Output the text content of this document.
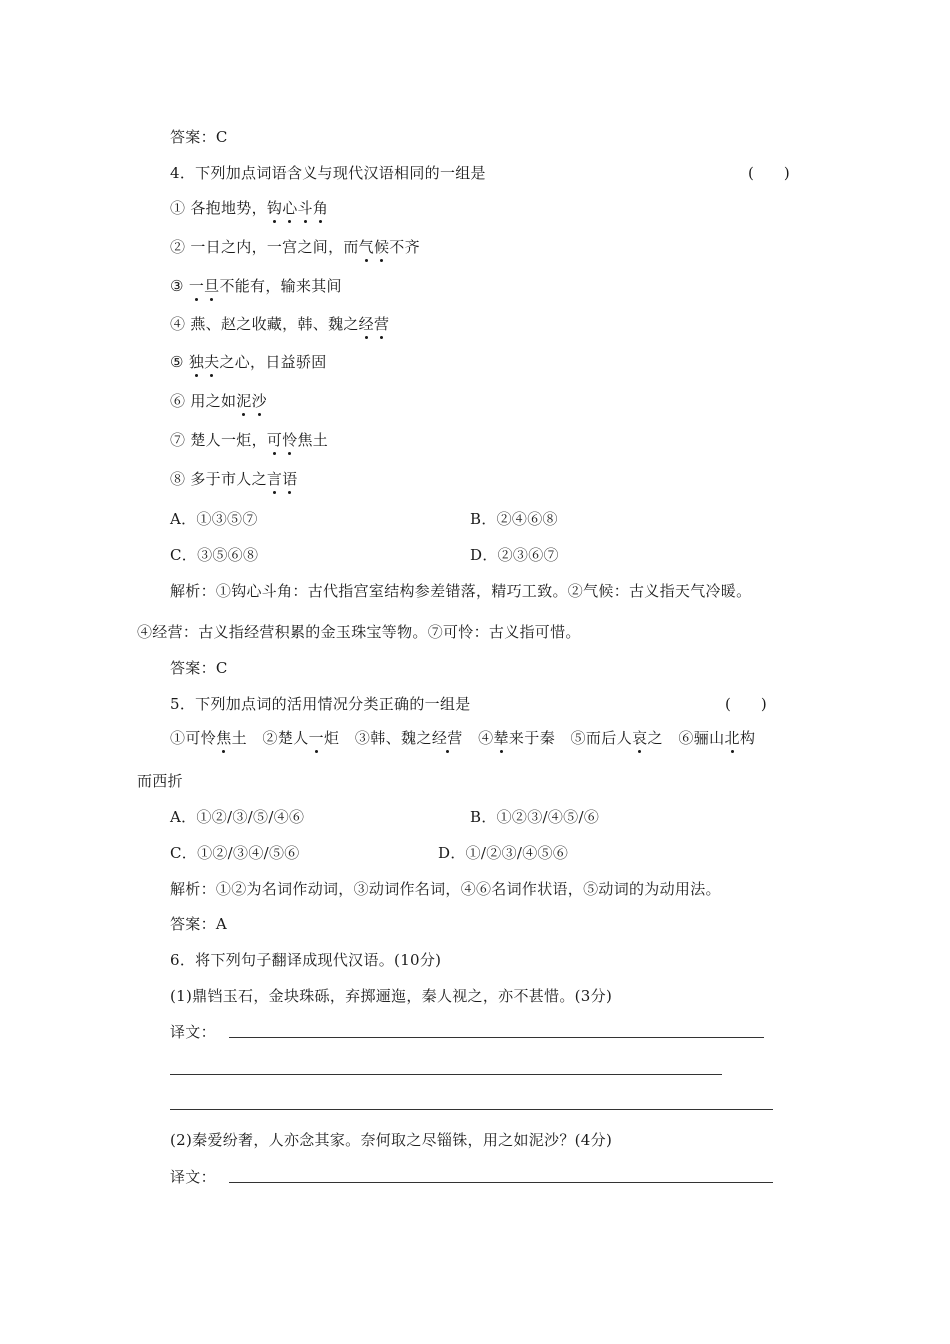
答案：C
4．下列加点词语含义与现代汉语相同的一组是	(　　)
① 各抱地势，钩心斗角
② 一日之内，一宫之间，而气候不齐
③ 一旦不能有，输来其间
④ 燕、赵之收藏，韩、魏之经营
⑤ 独夫之心，日益骄固
⑥ 用之如泥沙
⑦ 楚人一炬，可怜焦土
⑧ 多于市人之言语
A．①③⑤⑦	B．②④⑥⑧
C．③⑤⑥⑧	D．②③⑥⑦
解析：①钩心斗角：古代指宫室结构参差错落，精巧工致。②气候：古义指天气冷暖。
④经营：古义指经营积累的金玉珠宝等物。⑦可怜：古义指可惜。
答案：C
5．下列加点词的活用情况分类正确的一组是	(　　)
①可怜焦土　②楚人一炬　③韩、魏之经营　 ④辇来于秦　⑤而后人哀之　⑥骊山北构
而西折
A．①②/③/⑤/④⑥	B．①②③/④⑤/⑥
C．①②/③④/⑤⑥	D．①/②③/④⑤⑥
解析：①②为名词作动词，③动词作名词，④⑥名词作状语，⑤动词的为动用法。
答案：A
6．将下列句子翻译成现代汉语。(10分)
(1)鼎铛玉石，金块珠砾，弃掷逦迤，秦人视之，亦不甚惜。(3分)
译文：
(2)秦爱纷奢，人亦念其家。奈何取之尽锱铢，用之如泥沙？(4分)
译文：
